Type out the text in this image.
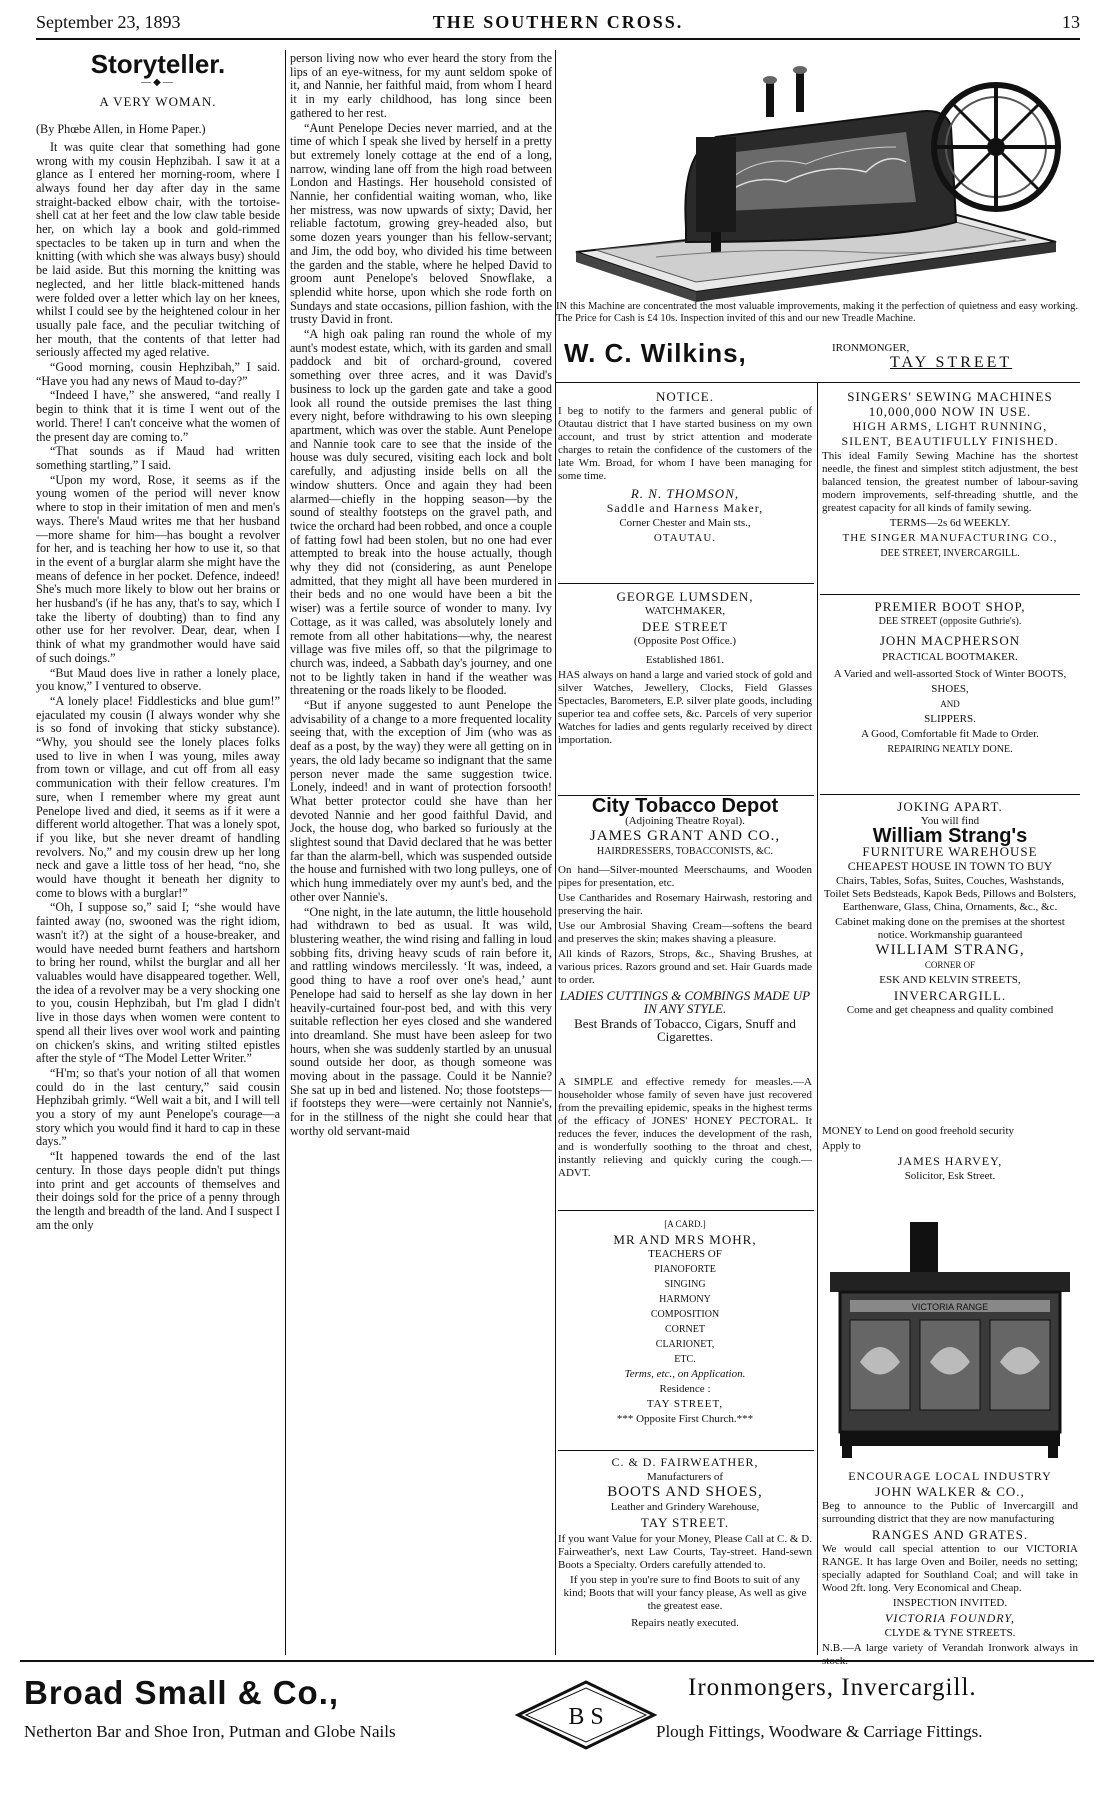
September 23, 1893	THE SOUTHERN CROSS.	13
Storyteller.
—◆—
A VERY WOMAN.

(By Phœbe Allen, in Home Paper.)

It was quite clear that something had gone wrong with my cousin Hephzibah. I saw it at a glance as I entered her morning-room, where I always found her day after day in the same straight-backed elbow chair, with the tortoise-shell cat at her feet and the low claw table beside her, on which lay a book and gold-rimmed spectacles to be taken up in turn and when the knitting (with which she was always busy) should be laid aside. But this morning the knitting was neglected, and her little black-mittened hands were folded over a letter which lay on her knees, whilst I could see by the heightened colour in her usually pale face, and the peculiar twitching of her mouth, that the contents of that letter had seriously affected my aged relative.

“Good morning, cousin Hephzibah,” I said. “Have you had any news of Maud to-day?”

“Indeed I have,” she answered, “and really I begin to think that it is time I went out of the world. There! I can't conceive what the women of the present day are coming to.”

“That sounds as if Maud had written something startling,” I said.

“Upon my word, Rose, it seems as if the young women of the period will never know where to stop in their imitation of men and men's ways. There's Maud writes me that her husband—more shame for him—has bought a revolver for her, and is teaching her how to use it, so that in the event of a burglar alarm she might have the means of defence in her pocket. Defence, indeed! She's much more likely to blow out her brains or her husband's (if he has any, that's to say, which I take the liberty of doubting) than to find any other use for her revolver. Dear, dear, when I think of what my grandmother would have said of such doings.”

“But Maud does live in rather a lonely place, you know,” I ventured to observe.

“A lonely place! Fiddlesticks and blue gum!” ejaculated my cousin (I always wonder why she is so fond of invoking that sticky substance). “Why, you should see the lonely places folks used to live in when I was young, miles away from town or village, and cut off from all easy communication with their fellow creatures. I'm sure, when I remember where my great aunt Penelope lived and died, it seems as if it were a different world altogether. That was a lonely spot, if you like, but she never dreamt of handling revolvers. No,” and my cousin drew up her long neck and gave a little toss of her head, “no, she would have thought it beneath her dignity to come to blows with a burglar!”

“Oh, I suppose so,” said I; “she would have fainted away (no, swooned was the right idiom, wasn't it?) at the sight of a house-breaker, and would have needed burnt feathers and hartshorn to bring her round, whilst the burglar and all her valuables would have disappeared together. Well, the idea of a revolver may be a very shocking one to you, cousin Hephzibah, but I'm glad I didn't live in those days when women were content to spend all their lives over wool work and painting on chicken's skins, and writing stilted epistles after the style of “The Model Letter Writer.”

“H'm; so that's your notion of all that women could do in the last century,” said cousin Hephzibah grimly. “Well wait a bit, and I will tell you a story of my aunt Penelope's courage—a story which you would find it hard to cap in these days.”

“It happened towards the end of the last century. In those days people didn't put things into print and get accounts of themselves and their doings sold for the price of a penny through the length and breadth of the land. And I suspect I am the only

person living now who ever heard the story from the lips of an eye-witness, for my aunt seldom spoke of it, and Nannie, her faithful maid, from whom I heard it in my early childhood, has long since been gathered to her rest.

“Aunt Penelope Decies never married, and at the time of which I speak she lived by herself in a pretty but extremely lonely cottage at the end of a long, narrow, winding lane off from the high road between London and Hastings. Her household consisted of Nannie, her confidential waiting woman, who, like her mistress, was now upwards of sixty; David, her reliable factotum, growing grey-headed also, but some dozen years younger than his fellow-servant; and Jim, the odd boy, who divided his time between the garden and the stable, where he helped David to groom aunt Penelope's beloved Snowflake, a splendid white horse, upon which she rode forth on Sundays and state occasions, pillion fashion, with the trusty David in front.

“A high oak paling ran round the whole of my aunt's modest estate, which, with its garden and small paddock and bit of orchard-ground, covered something over three acres, and it was David's business to lock up the garden gate and take a good look all round the outside premises the last thing every night, before withdrawing to his own sleeping apartment, which was over the stable. Aunt Penelope and Nannie took care to see that the inside of the house was duly secured, visiting each lock and bolt carefully, and adjusting inside bells on all the window shutters. Once and again they had been alarmed—chiefly in the hopping season—by the sound of stealthy footsteps on the gravel path, and twice the orchard had been robbed, and once a couple of fatting fowl had been stolen, but no one had ever attempted to break into the house actually, though why they did not (considering, as aunt Penelope admitted, that they might all have been murdered in their beds and no one would have been a bit the wiser) was a fertile source of wonder to many. Ivy Cottage, as it was called, was absolutely lonely and remote from all other habitations—why, the nearest village was five miles off, so that the pilgrimage to church was, indeed, a Sabbath day's journey, and one not to be lightly taken in hand if the weather was threatening or the roads likely to be flooded.

“But if anyone suggested to aunt Penelope the advisability of a change to a more frequented locality seeing that, with the exception of Jim (who was as deaf as a post, by the way) they were all getting on in years, the old lady became so indignant that the same person never made the same suggestion twice. Lonely, indeed! and in want of protection forsooth! What better protector could she have than her devoted Nannie and her good faithful David, and Jock, the house dog, who barked so furiously at the slightest sound that David declared that he was better far than the alarm-bell, which was suspended outside the house and furnished with two long pulleys, one of which hung immediately over my aunt's bed, and the other over Nannie's.

“One night, in the late autumn, the little household had withdrawn to bed as usual. It was wild, blustering weather, the wind rising and falling in loud sobbing fits, driving heavy scuds of rain before it, and rattling windows mercilessly. ‘It was, indeed, a good thing to have a roof over one's head,’ aunt Penelope had said to herself as she lay down in her heavily-curtained four-post bed, and with this very suitable reflection her eyes closed and she wandered into dreamland. She must have been asleep for two hours, when she was suddenly startled by an unusual sound outside her door, as though someone was moving about in the passage. Could it be Nannie? She sat up in bed and listened. No; those footsteps—if footsteps they were—were certainly not Nannie's, for in the stillness of the night she could hear that worthy old servant-maid

IN this Machine are concentrated the most valuable improvements, making it the perfection of quietness and easy working. The Price for Cash is £4 10s. Inspection invited of this and our new Treadle Machine.
W. C. Wilkins,	IRONMONGER,
TAY STREET

NOTICE.

I beg to notify to the farmers and general public of Otautau district that I have started business on my own account, and trust by strict attention and moderate charges to retain the confidence of the customers of the late Wm. Broad, for whom I have been managing for some time.

R. N. THOMSON,

Saddle and Harness Maker,

Corner Chester and Main sts.,

OTAUTAU.

GEORGE LUMSDEN,

WATCHMAKER,

DEE STREET

(Opposite Post Office.)

Established 1861.

HAS always on hand a large and varied stock of gold and silver Watches, Jewellery, Clocks, Field Glasses Spectacles, Barometers, E.P. silver plate goods, including superior tea and coffee sets, &c. Parcels of very superior Watches for ladies and gents regularly received by direct importation.

City Tobacco Depot

(Adjoining Theatre Royal).

JAMES GRANT AND CO.,

HAIRDRESSERS, TOBACCONISTS, &C.

On hand—Silver-mounted Meerschaums, and Wooden pipes for presentation, etc.

Use Cantharides and Rosemary Hairwash, restoring and preserving the hair.

Use our Ambrosial Shaving Cream—softens the beard and preserves the skin; makes shaving a pleasure.

All kinds of Razors, Strops, &c., Shaving Brushes, at various prices. Razors ground and set. Hair Guards made to order.

LADIES CUTTINGS & COMBINGS MADE UP IN ANY STYLE.

Best Brands of Tobacco, Cigars, Snuff and Cigarettes.

A SIMPLE and effective remedy for measles.—A householder whose family of seven have just recovered from the prevailing epidemic, speaks in the highest terms of the efficacy of JONES' HONEY PECTORAL. It reduces the fever, induces the development of the rash, and is wonderfully soothing to the throat and chest, instantly relieving and quickly curing the cough.—ADVT.

[A CARD.]

MR AND MRS MOHR,

TEACHERS OF

PIANOFORTE

SINGING

HARMONY

COMPOSITION

CORNET

CLARIONET,

ETC.

Terms, etc., on Application.

Residence :

TAY STREET,

*** Opposite First Church.***

C. & D. FAIRWEATHER,

Manufacturers of

BOOTS AND SHOES,

Leather and Grindery Warehouse,

TAY STREET.

If you want Value for your Money, Please Call at C. & D. Fairweather's, next Law Courts, Tay-street. Hand-sewn Boots a Specialty. Orders carefully attended to.

If you step in you're sure to find Boots to suit of any kind; Boots that will your fancy please, As well as give the greatest ease.

Repairs neatly executed.

SINGERS' SEWING MACHINES

10,000,000 NOW IN USE.

HIGH ARMS, LIGHT RUNNING,

SILENT, BEAUTIFULLY FINISHED.

This ideal Family Sewing Machine has the shortest needle, the finest and simplest stitch adjustment, the best balanced tension, the greatest number of labour-saving modern improvements, self-threading shuttle, and the greatest capacity for all kinds of family sewing.

TERMS—2s 6d WEEKLY.

THE SINGER MANUFACTURING CO.,

DEE STREET, INVERCARGILL.

PREMIER BOOT SHOP,

DEE STREET (opposite Guthrie's).

JOHN MACPHERSON

PRACTICAL BOOTMAKER.

A Varied and well-assorted Stock of Winter BOOTS,

SHOES,

AND

SLIPPERS.

A Good, Comfortable fit Made to Order.

REPAIRING NEATLY DONE.

JOKING APART.

You will find

William Strang's

FURNITURE WAREHOUSE

CHEAPEST HOUSE IN TOWN TO BUY

Chairs, Tables, Sofas, Suites, Couches, Washstands, Toilet Sets Bedsteads, Kapok Beds, Pillows and Bolsters, Earthenware, Glass, China, Ornaments, &c., &c.

Cabinet making done on the premises at the shortest notice. Workmanship guaranteed

WILLIAM STRANG,

CORNER OF

ESK AND KELVIN STREETS,

INVERCARGILL.

Come and get cheapness and quality combined

MONEY to Lend on good freehold security

Apply to

JAMES HARVEY,

Solicitor, Esk Street.

VICTORIA RANGE

ENCOURAGE LOCAL INDUSTRY

JOHN WALKER & CO.,

Beg to announce to the Public of Invercargill and surrounding district that they are now manufacturing

RANGES AND GRATES.

We would call special attention to our VICTORIA RANGE. It has large Oven and Boiler, needs no setting; specially adapted for Southland Coal; and will take in Wood 2ft. long. Very Economical and Cheap.

INSPECTION INVITED.

VICTORIA FOUNDRY,

CLYDE & TYNE STREETS.

N.B.—A large variety of Verandah Ironwork always in stock.

Broad Small & Co.,
Netherton Bar and Shoe Iron, Putman and Globe Nails
B S
Ironmongers, Invercargill.
Plough Fittings, Woodware & Carriage Fittings.
